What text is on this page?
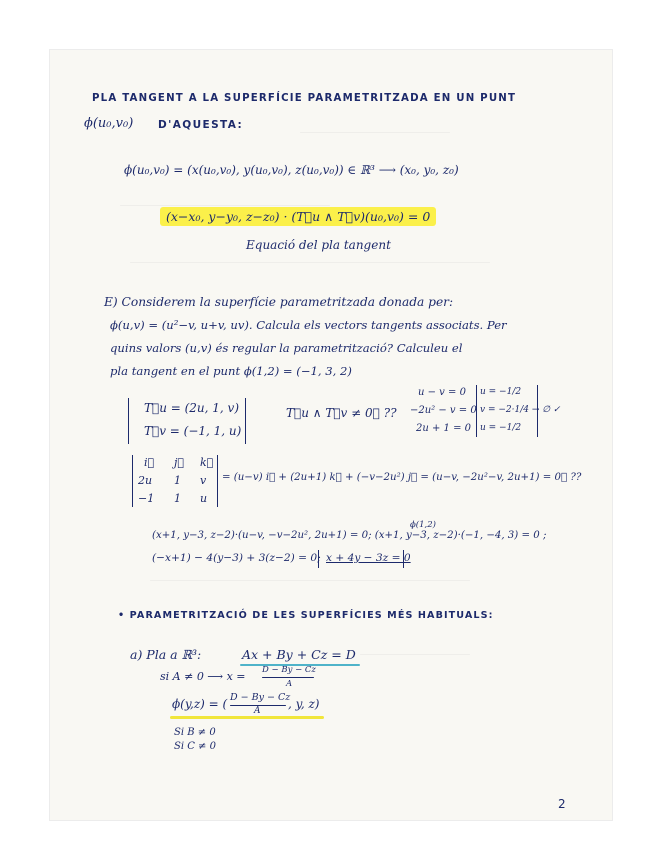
PLA TANGENT A LA SUPERFÍCIE PARAMETRITZADA EN UN PUNT
ϕ(u₀,v₀) D'AQUESTA:
ϕ(u₀,v₀) = (x(u₀,v₀), y(u₀,v₀), z(u₀,v₀)) ∈ ℝ³ ⟶ (x₀, y₀, z₀)
(x−x₀, y−y₀, z−z₀) · (T⃗u ∧ T⃗v)(u₀,v₀) = 0
Equació del pla tangent
E) Considerem la superfície parametritzada donada per:
ϕ(u,v) = (u²−v, u+v, uv). Calcula els vectors tangents associats. Per
quins valors (u,v) és regular la parametrització? Calculeu el
pla tangent en el punt ϕ(1,2) = (−1, 3, 2)
T⃗u = (2u, 1, v)
T⃗v = (−1, 1, u)
T⃗u ∧ T⃗v ≠ 0⃗ ??
u − v = 0
−2u² − v = 0
2u + 1 = 0
u = −1/2
v = −2·1/4 → ∅ ✓
u = −1/2
i⃗ j⃗ k⃗
2u 1 v
−1 1 u
= (u−v) i⃗ + (2u+1) k⃗ + (−v−2u²) j⃗ = (u−v, −2u²−v, 2u+1) = 0⃗ ??
ϕ(1,2)
(x+1, y−3, z−2)·(u−v, −v−2u², 2u+1) = 0; (x+1, y−3, z−2)·(−1, −4, 3) = 0 ;
(−x+1) − 4(y−3) + 3(z−2) = 0; x + 4y − 3z = 0
• PARAMETRITZACIÓ DE LES SUPERFÍCIES MÉS HABITUALS:
a) Pla a ℝ³:	Ax + By + Cz = D
si A ≠ 0 ⟶ x = D − By − Cz
A
ϕ(y,z) = ( D − By − Cz
A , y, z)
Si B ≠ 0
Si C ≠ 0
2
